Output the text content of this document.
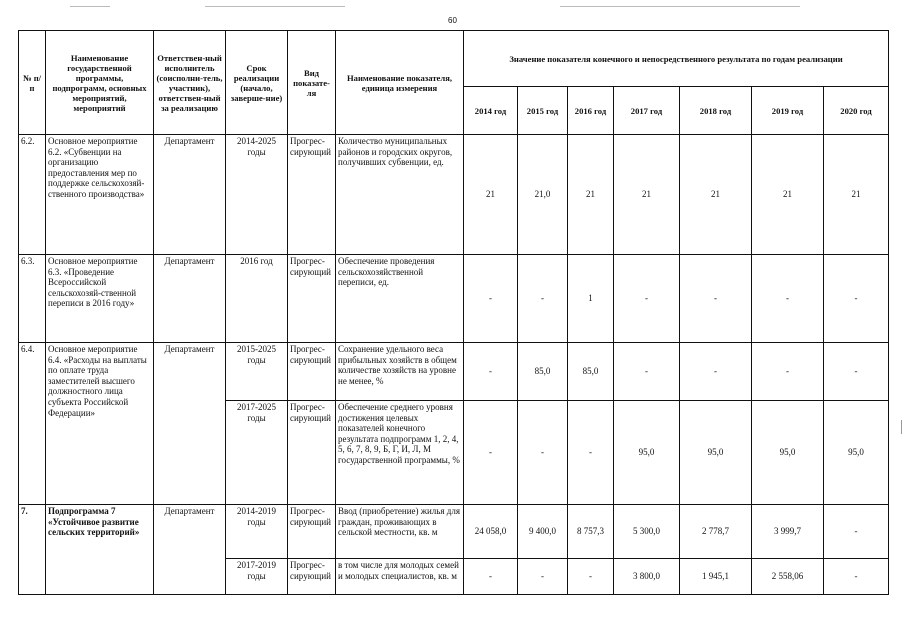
60
№ п/п	Наименование государственной программы, подпрограмм, основных мероприятий, мероприятий	Ответствен-ный исполнитель (соисполни-тель, участник), ответствен-ный за реализацию	Срок реализации (начало, заверше-ние)	Вид показате-ля	Наименование показателя, единица измерения	Значение показателя конечного и непосредственного результата по годам реализации						
						2014 год	2015 год	2016 год	2017 год	2018 год	2019 год	2020 год
6.2.	Основное мероприятие 6.2. «Субвенции на организацию предоставления мер по поддержке сельскохозяй-ственного производства»	Департамент	2014-2025 годы	Прогрес-сирующий	Количество муниципальных районов и городских округов, получивших субвенции, ед.	21	21,0	21	21	21	21	21
6.3.	Основное мероприятие 6.3. «Проведение Всероссийской сельскохозяй-ственной переписи в 2016 году»	Департамент	2016 год	Прогрес-сирующий	Обеспечение проведения сельскохозяйственной переписи, ед.	-	-	1	-	-	-	-
6.4.	Основное мероприятие 6.4. «Расходы на выплаты по оплате труда заместителей высшего должностного лица субъекта Российской Федерации»	Департамент	2015-2025 годы	Прогрес-сирующий	Сохранение удельного веса прибыльных хозяйств в общем количестве хозяйств на уровне не менее, %	-	85,0	85,0	-	-	-	-
			2017-2025 годы	Прогрес-сирующий	Обеспечение среднего уровня достижения целевых показателей конечного результата подпрограмм 1, 2, 4, 5, 6, 7, 8, 9, Б, Г, И, Л, М государственной программы, %	-	-	-	95,0	95,0	95,0	95,0
7.	Подпрограмма 7 «Устойчивое развитие сельских территорий»	Департамент	2014-2019 годы	Прогрес-сирующий	Ввод (приобретение) жилья для граждан, проживающих в сельской местности, кв. м	24 058,0	9 400,0	8 757,3	5 300,0	2 778,7	3 999,7	-
			2017-2019 годы	Прогрес-сирующий	в том числе для молодых семей и молодых специалистов, кв. м	-	-	-	3 800,0	1 945,1	2 558,06	-
